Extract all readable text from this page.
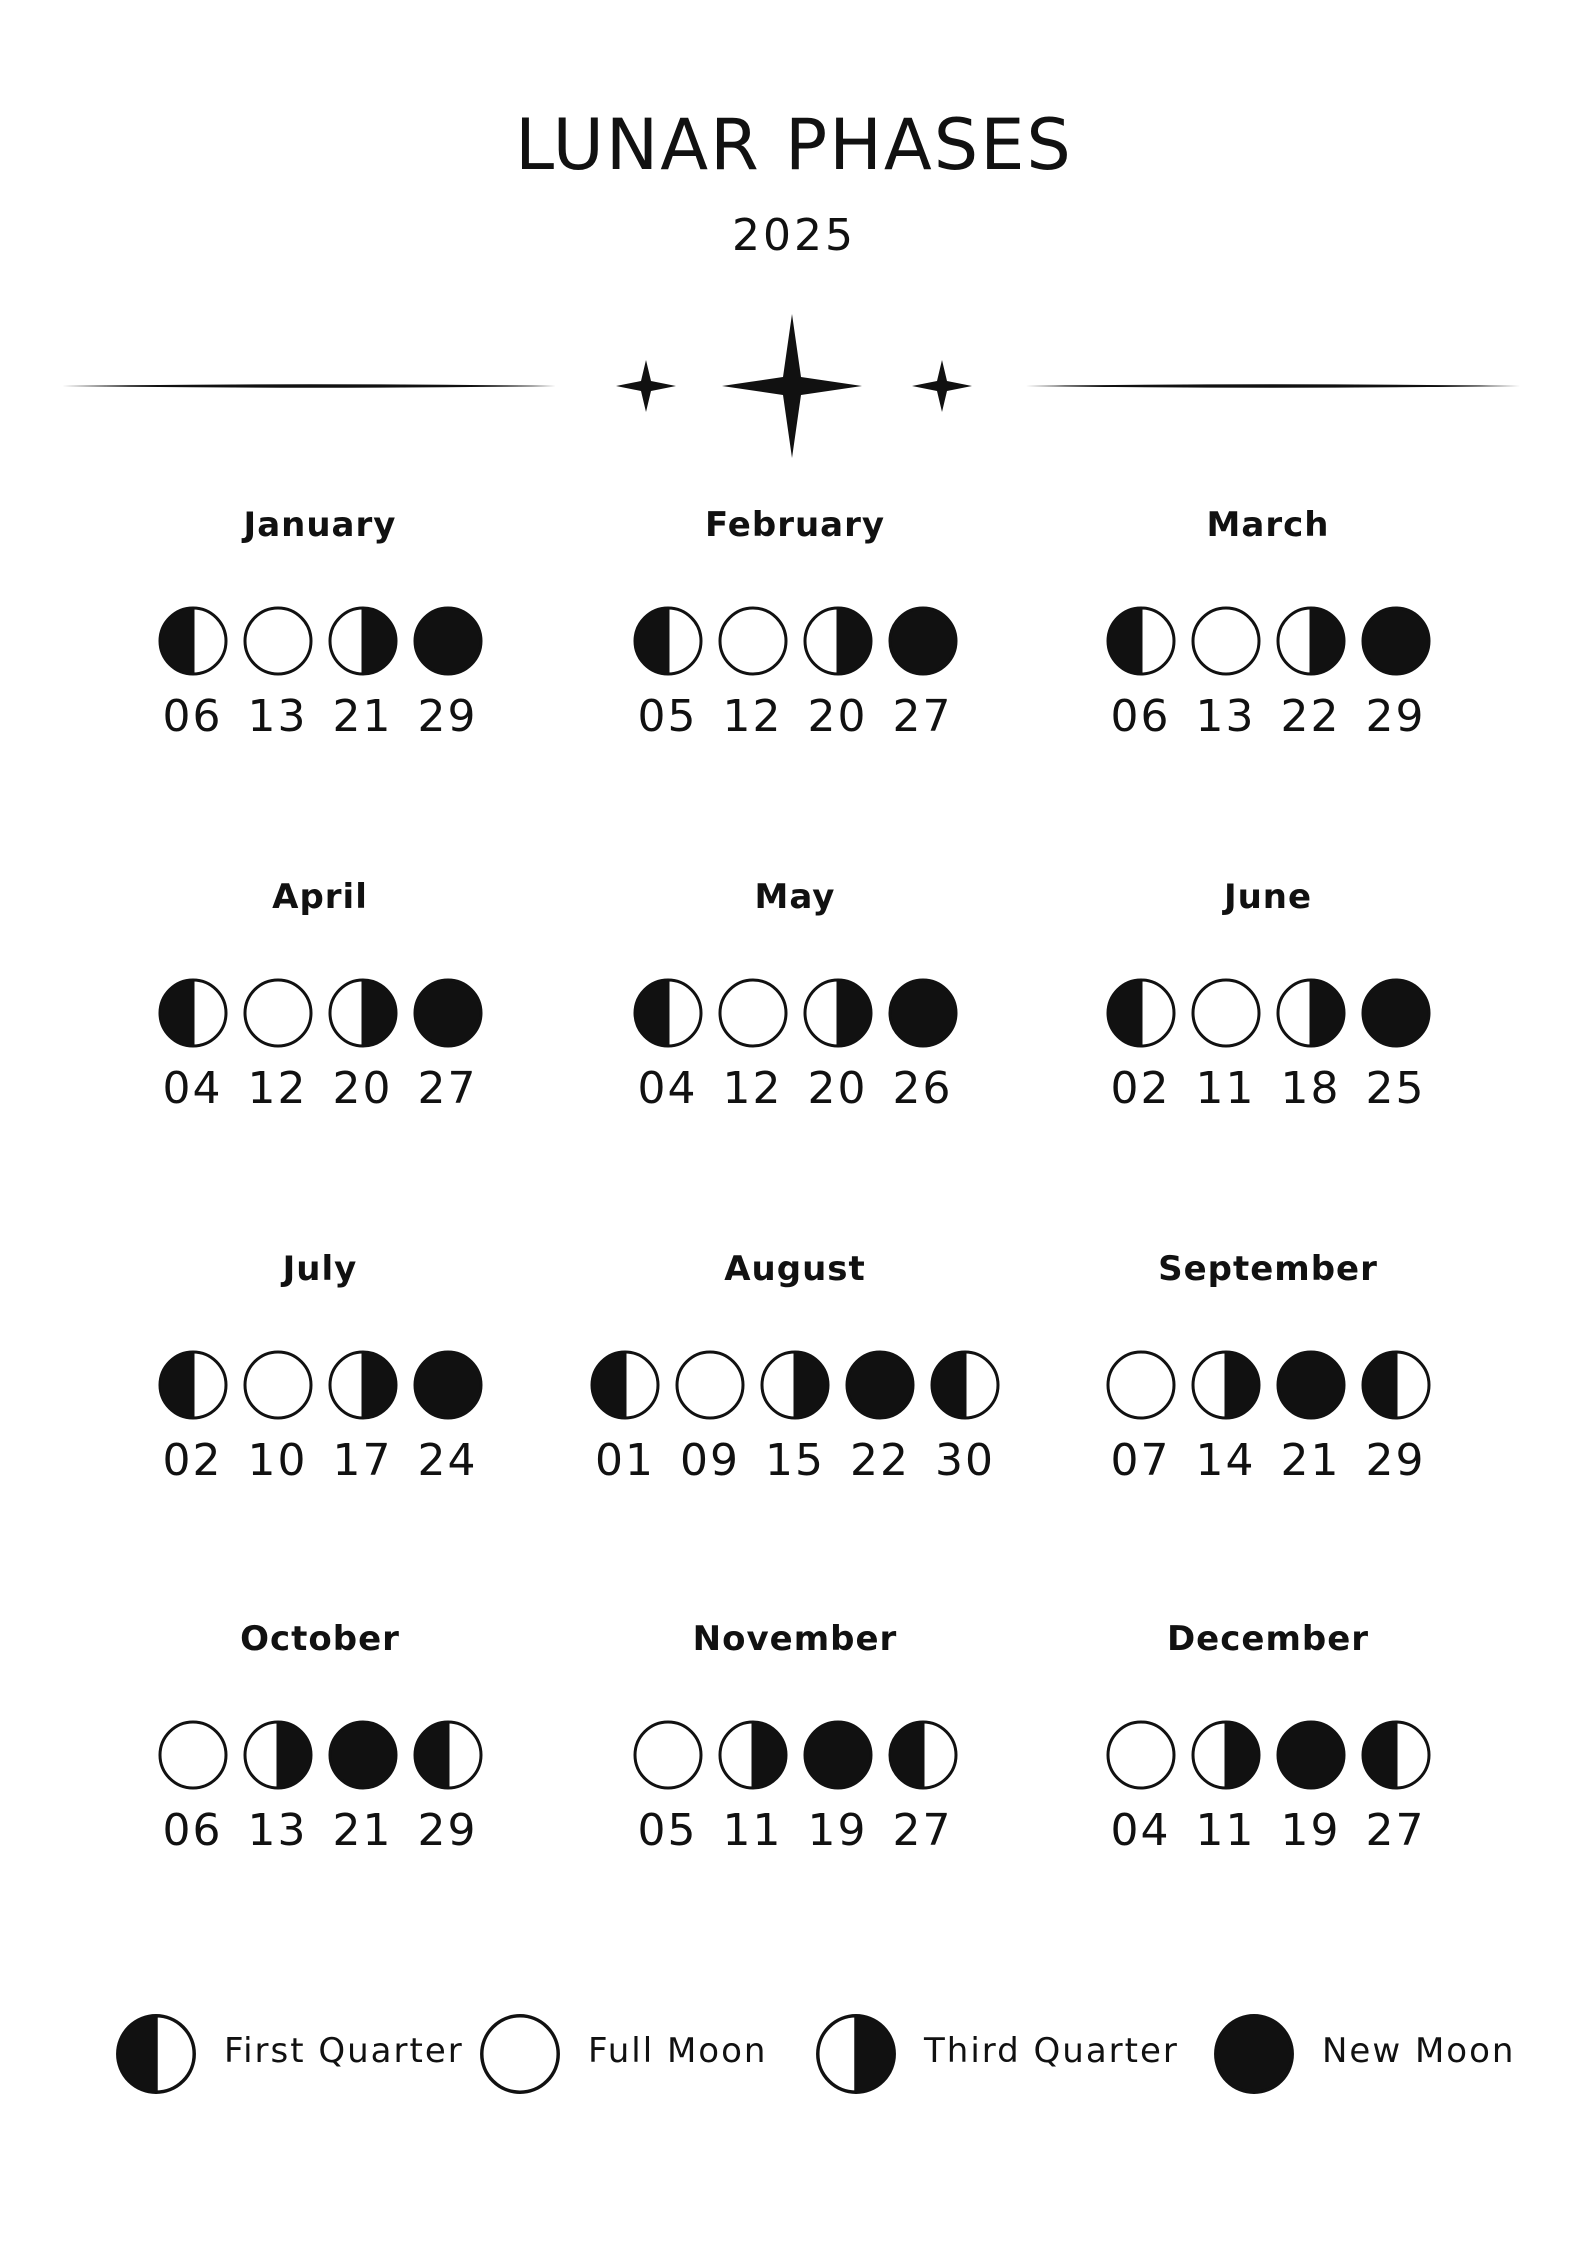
LUNAR PHASES
2025
January
06 13 21 29
February
05 12 20 27
March
06 13 22 29
April
04 12 20 27
May
04 12 20 26
June
02 11 18 25
July
02 10 17 24
August
01 09 15 22 30
September
07 14 21 29
October
06 13 21 29
November
05 11 19 27
December
04 11 19 27
First Quarter	Full Moon	Third Quarter	New Moon
